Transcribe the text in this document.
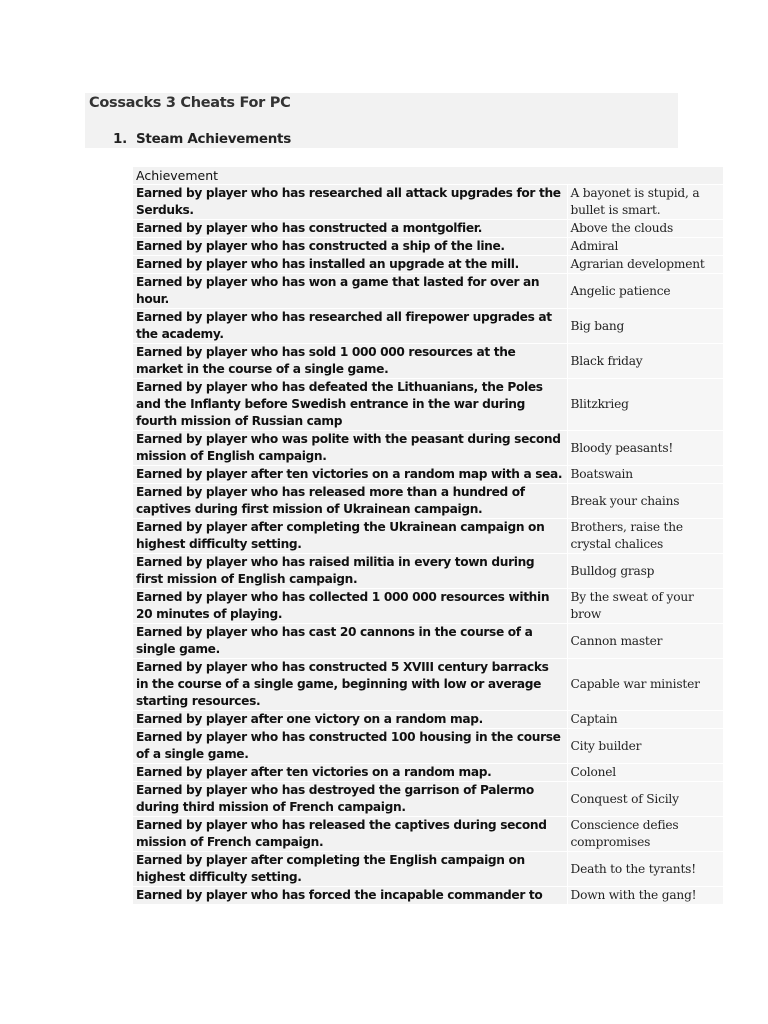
Cossacks 3 Cheats For PC
1. Steam Achievements
Achievement	
Earned by player who has researched all attack upgrades for the Serduks.	A bayonet is stupid, a bullet is smart.
Earned by player who has constructed a montgolfier.	Above the clouds
Earned by player who has constructed a ship of the line.	Admiral
Earned by player who has installed an upgrade at the mill.	Agrarian development
Earned by player who has won a game that lasted for over an hour.	Angelic patience
Earned by player who has researched all firepower upgrades at the academy.	Big bang
Earned by player who has sold 1 000 000 resources at the market in the course of a single game.	Black friday
Earned by player who has defeated the Lithuanians, the Poles and the Inflanty before Swedish entrance in the war during fourth mission of Russian camp	Blitzkrieg
Earned by player who was polite with the peasant during second mission of English campaign.	Bloody peasants!
Earned by player after ten victories on a random map with a sea.	Boatswain
Earned by player who has released more than a hundred of captives during first mission of Ukrainean campaign.	Break your chains
Earned by player after completing the Ukrainean campaign on highest difficulty setting.	Brothers, raise the crystal chalices
Earned by player who has raised militia in every town during first mission of English campaign.	Bulldog grasp
Earned by player who has collected 1 000 000 resources within 20 minutes of playing.	By the sweat of your brow
Earned by player who has cast 20 cannons in the course of a single game.	Cannon master
Earned by player who has constructed 5 XVIII century barracks in the course of a single game, beginning with low or average starting resources.	Capable war minister
Earned by player after one victory on a random map.	Captain
Earned by player who has constructed 100 housing in the course of a single game.	City builder
Earned by player after ten victories on a random map.	Colonel
Earned by player who has destroyed the garrison of Palermo during third mission of French campaign.	Conquest of Sicily
Earned by player who has released the captives during second mission of French campaign.	Conscience defies compromises
Earned by player after completing the English campaign on highest difficulty setting.	Death to the tyrants!
Earned by player who has forced the incapable commander to	Down with the gang!
